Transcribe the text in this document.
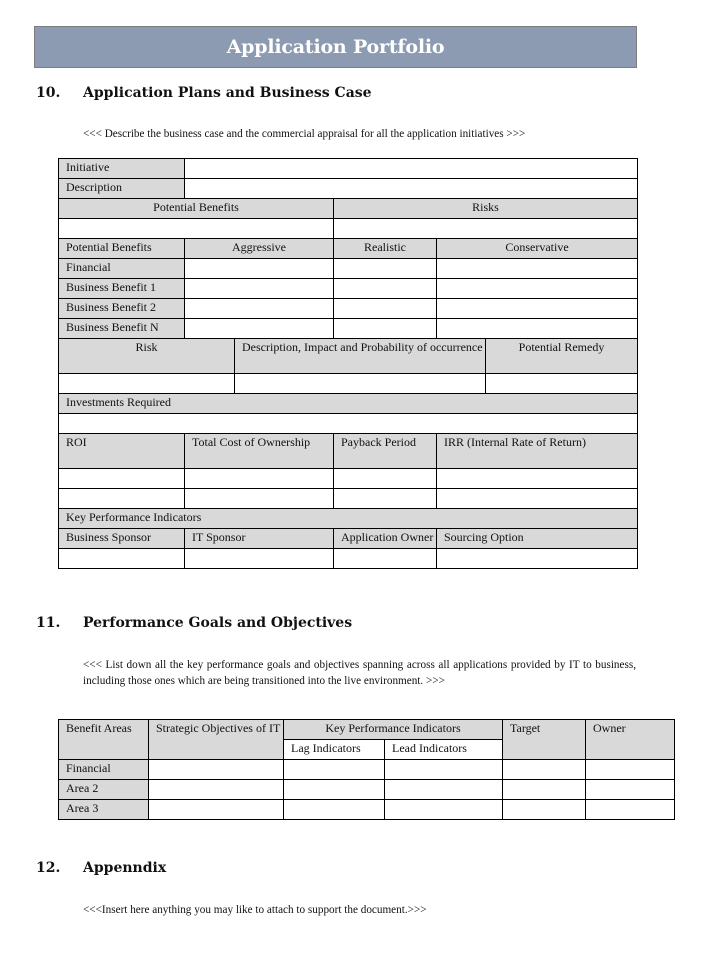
Application Portfolio
10.	Application Plans and Business Case
<<< Describe the business case and the commercial appraisal for all the application initiatives >>>
Initiative					
Description					
Potential Benefits			Risks		

Potential Benefits	Aggressive		Realistic	Conservative	
Financial					
Business Benefit 1					
Business Benefit 2					
Business Benefit N					
Risk		Description, Impact and Probability of occurrence			Potential Remedy

Investments Required					

ROI	Total Cost of Ownership		Payback Period	IRR (Internal Rate of Return)	

Key Performance Indicators					
Business Sponsor	IT Sponsor		Application Owner	Sourcing Option	

11.	Performance Goals and Objectives
<<< List down all the key performance goals and objectives spanning across all applications provided by IT to business, including those ones which are being transitioned into the live environment. >>>
Benefit Areas	Strategic Objectives of IT	Key Performance Indicators		Target	Owner
		Lag Indicators	Lead Indicators		
Financial					
Area 2					
Area 3					
12.	Appenndix
<<<Insert here anything you may like to attach to support the document.>>>
